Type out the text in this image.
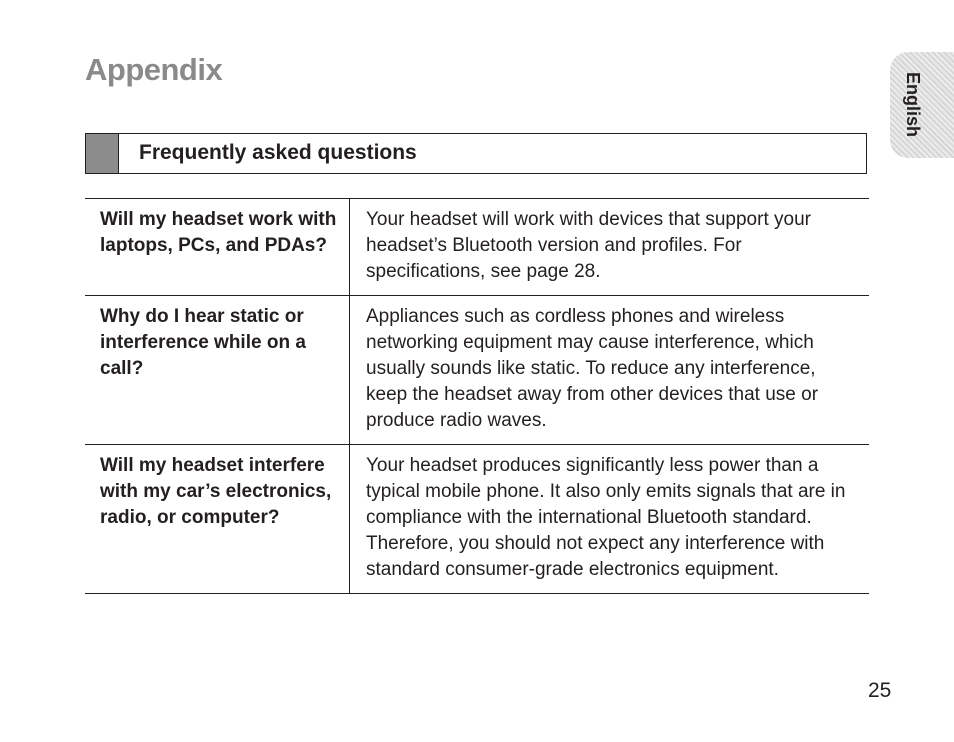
Appendix
English
Frequently asked questions
Will my headset work with laptops, PCs, and PDAs?	Your headset will work with devices that support your headset’s Bluetooth version and profiles. For specifications, see page 28.
Why do I hear static or interference while on a call?	Appliances such as cordless phones and wireless networking equipment may cause interference, which usually sounds like static. To reduce any interference, keep the headset away from other devices that use or produce radio waves.
Will my headset interfere with my car’s electronics, radio, or computer?	Your headset produces significantly less power than a typical mobile phone. It also only emits signals that are in compliance with the international Bluetooth standard. Therefore, you should not expect any interference with standard consumer-grade electronics equipment.
25
